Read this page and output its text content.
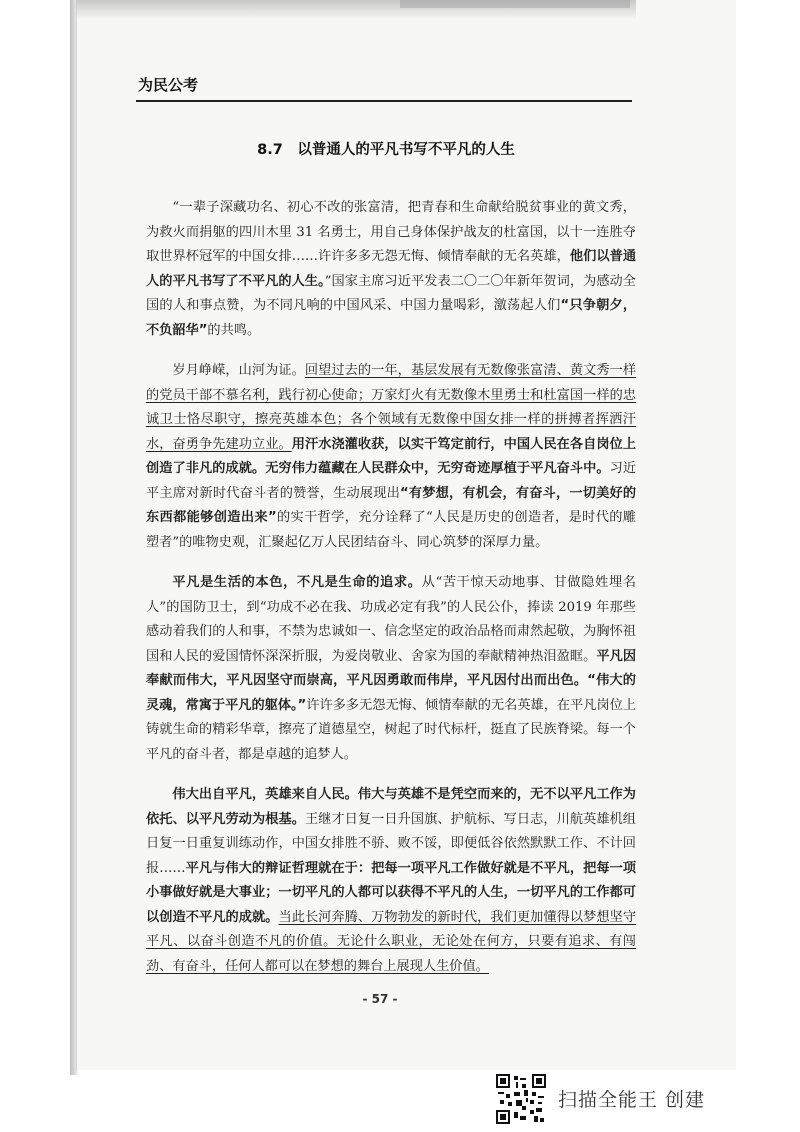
为民公考
8.7　以普通人的平凡书写不平凡的人生

“一辈子深藏功名、初心不改的张富清，把青春和生命献给脱贫事业的黄文秀，为救火而捐躯的四川木里 31 名勇士，用自己身体保护战友的杜富国，以十一连胜夺取世界杯冠军的中国女排……许许多多无怨无悔、倾情奉献的无名英雄，他们以普通人的平凡书写了不平凡的人生。”国家主席习近平发表二〇二〇年新年贺词，为感动全国的人和事点赞，为不同凡响的中国风采、中国力量喝彩，激荡起人们“只争朝夕，不负韶华”的共鸣。

岁月峥嵘，山河为证。回望过去的一年，基层发展有无数像张富清、黄文秀一样的党员干部不慕名利，践行初心使命；万家灯火有无数像木里勇士和杜富国一样的忠诚卫士恪尽职守，擦亮英雄本色；各个领域有无数像中国女排一样的拼搏者挥洒汗水，奋勇争先建功立业。用汗水浇灌收获，以实干笃定前行，中国人民在各自岗位上创造了非凡的成就。无穷伟力蕴藏在人民群众中，无穷奇迹厚植于平凡奋斗中。习近平主席对新时代奋斗者的赞誉，生动展现出“有梦想，有机会，有奋斗，一切美好的东西都能够创造出来”的实干哲学，充分诠释了“人民是历史的创造者，是时代的雕塑者”的唯物史观，汇聚起亿万人民团结奋斗、同心筑梦的深厚力量。

平凡是生活的本色，不凡是生命的追求。从“苦干惊天动地事、甘做隐姓埋名人”的国防卫士，到“功成不必在我、功成必定有我”的人民公仆，捧读 2019 年那些感动着我们的人和事，不禁为忠诚如一、信念坚定的政治品格而肃然起敬，为胸怀祖国和人民的爱国情怀深深折服，为爱岗敬业、舍家为国的奉献精神热泪盈眶。平凡因奉献而伟大，平凡因坚守而崇高，平凡因勇敢而伟岸，平凡因付出而出色。“伟大的灵魂，常寓于平凡的躯体。”许许多多无怨无悔、倾情奉献的无名英雄，在平凡岗位上铸就生命的精彩华章，擦亮了道德星空，树起了时代标杆，挺直了民族脊梁。每一个平凡的奋斗者，都是卓越的追梦人。

伟大出自平凡，英雄来自人民。伟大与英雄不是凭空而来的，无不以平凡工作为依托、以平凡劳动为根基。王继才日复一日升国旗、护航标、写日志，川航英雄机组日复一日重复训练动作，中国女排胜不骄、败不馁，即便低谷依然默默工作、不计回报……平凡与伟大的辩证哲理就在于：把每一项平凡工作做好就是不平凡，把每一项小事做好就是大事业；一切平凡的人都可以获得不平凡的人生，一切平凡的工作都可以创造不平凡的成就。当此长河奔腾、万物勃发的新时代，我们更加懂得以梦想坚守平凡、以奋斗创造不凡的价值。无论什么职业，无论处在何方，只要有追求、有闯劲、有奋斗，任何人都可以在梦想的舞台上展现人生价值。

- 57 -
扫描全能王 创建
